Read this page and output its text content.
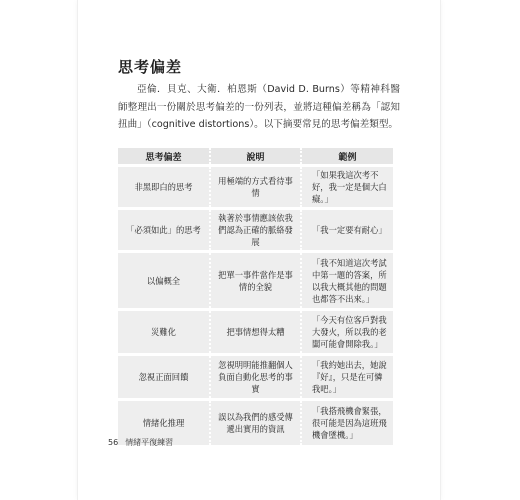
思考偏差
亞倫．貝克、大衛．柏恩斯（David D. Burns）等精神科醫師整理出一份關於思考偏差的一份列表，並將這種偏差稱為「認知扭曲」（cognitive distortions）。以下摘要常見的思考偏差類型。
思考偏差	說明	範例
非黑即白的思考	用極端的方式看待事情	「如果我這次考不好，我一定是個大白癡。」
「必須如此」的思考	執著於事情應該依我們認為正確的脈絡發展	「我一定要有耐心」
以偏概全	把單一事件當作是事情的全貌	「我不知道這次考試中第一題的答案，所以我大概其他的問題也都答不出來。」
災難化	把事情想得太糟	「今天有位客戶對我大發火，所以我的老闆可能會開除我。」
忽視正面回饋	忽視明明能推翻個人負面自動化思考的事實	「我約她出去，她說『好』，只是在可憐我吧。」
情緒化推理	誤以為我們的感受傳遞出實用的資訊	「我搭飛機會緊張，很可能是因為這班飛機會墜機。」
56 情緒平復練習
